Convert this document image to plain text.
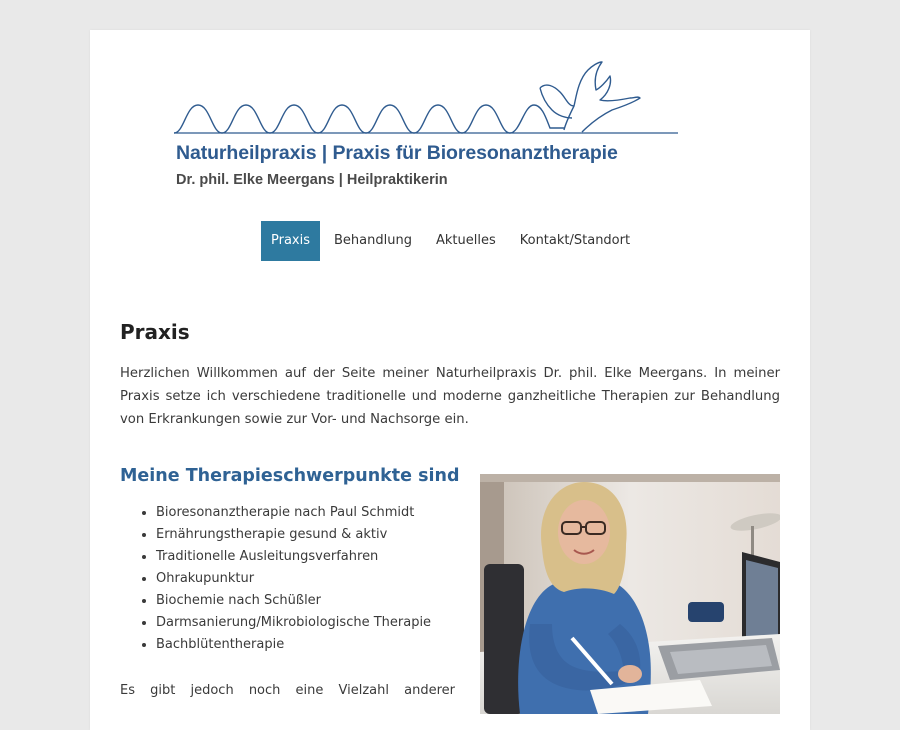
Naturheilpraxis | Praxis für Bioresonanztherapie
Dr. phil. Elke Meergans | Heilpraktikerin
Praxis	Behandlung	Aktuelles	Kontakt/Standort
Praxis

Herzlichen Willkommen auf der Seite meiner Naturheilpraxis Dr. phil. Elke Meergans. In meiner Praxis setze ich verschiedene traditionelle und moderne ganzheitliche Therapien zur Behandlung von Erkrankungen sowie zur Vor- und Nachsorge ein.

Meine Therapieschwerpunkte sind
• Bioresonanztherapie nach Paul Schmidt
• Ernährungstherapie gesund & aktiv
• Traditionelle Ausleitungsverfahren
• Ohrakupunktur
• Biochemie nach Schüßler
• Darmsanierung/Mikrobiologische Therapie
• Bachblütentherapie

Es gibt jedoch noch eine Vielzahl anderer
